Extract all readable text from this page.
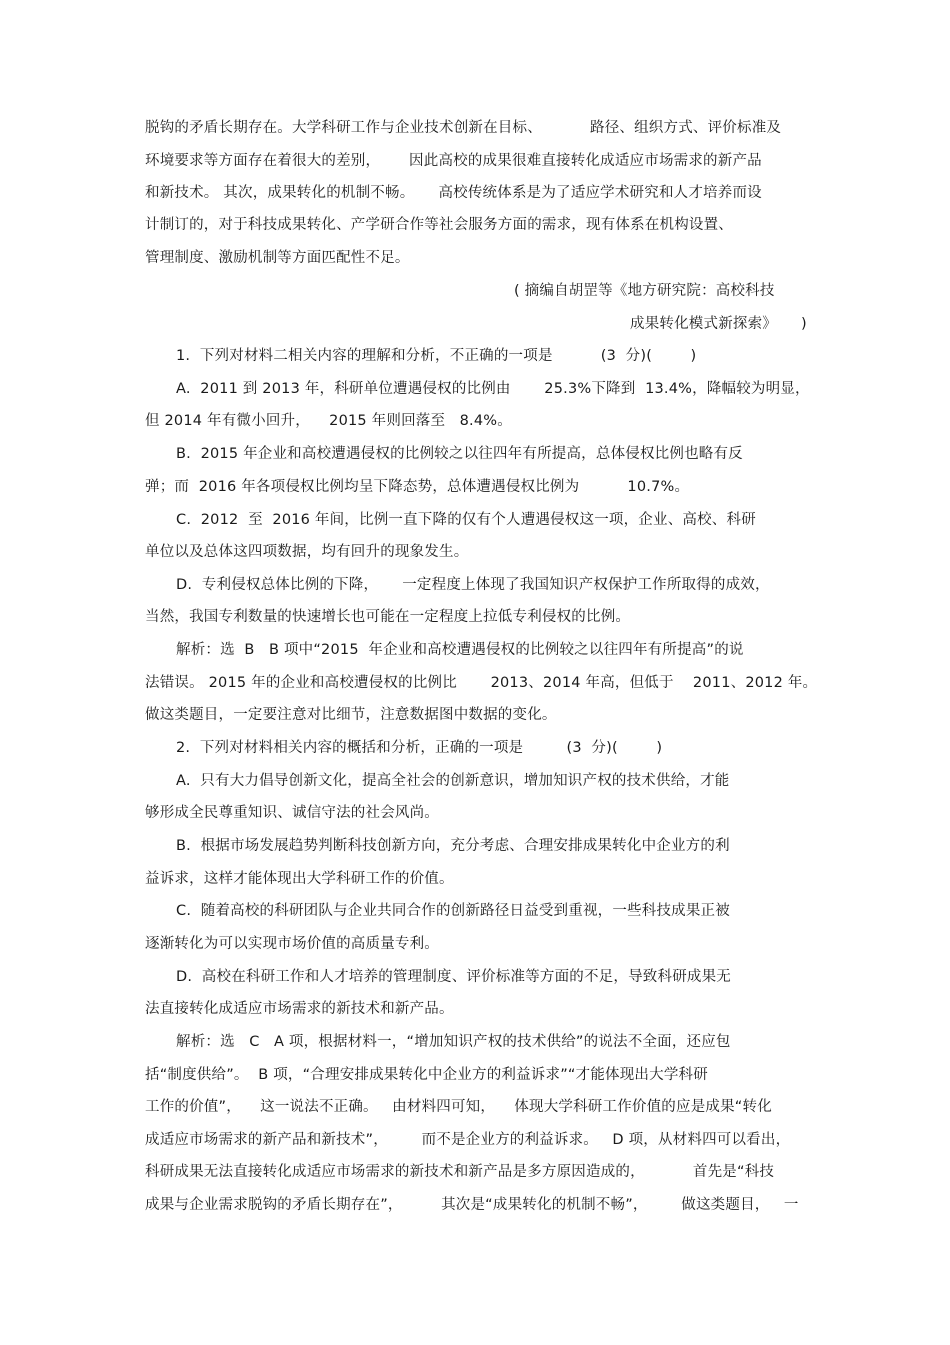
脱钩的矛盾长期存在。大学科研工作与企业技术创新在目标、          路径、组织方式、评价标准及
环境要求等方面存在着很大的差别，      因此高校的成果很难直接转化成适应市场需求的新产品
和新技术。 其次，成果转化的机制不畅。     高校传统体系是为了适应学术研究和人才培养而设
计制订的，对于科技成果转化、产学研合作等社会服务方面的需求，现有体系在机构设置、
管理制度、激励机制等方面匹配性不足。
( 摘编自胡罡等《地方研究院：高校科技
成果转化模式新探索》     )
1.  下列对材料二相关内容的理解和分析，不正确的一项是          (3  分)(        )
A.  2011 到 2013 年，科研单位遭遇侵权的比例由       25.3%下降到  13.4%，降幅较为明显，
但 2014 年有微小回升，    2015 年则回落至   8.4%。
B.  2015 年企业和高校遭遇侵权的比例较之以往四年有所提高，总体侵权比例也略有反
弹；而  2016 年各项侵权比例均呈下降态势，总体遭遇侵权比例为          10.7%。
C.  2012  至  2016 年间，比例一直下降的仅有个人遭遇侵权这一项，企业、高校、科研
单位以及总体这四项数据，均有回升的现象发生。
D.  专利侵权总体比例的下降，     一定程度上体现了我国知识产权保护工作所取得的成效，
当然，我国专利数量的快速增长也可能在一定程度上拉低专利侵权的比例。
解析：选  B   B 项中“2015  年企业和高校遭遇侵权的比例较之以往四年有所提高”的说
法错误。 2015 年的企业和高校遭侵权的比例比       2013、2014 年高，但低于    2011、2012 年。
做这类题目，一定要注意对比细节，注意数据图中数据的变化。
2.  下列对材料相关内容的概括和分析，正确的一项是         (3  分)(        )
A.  只有大力倡导创新文化，提高全社会的创新意识，增加知识产权的技术供给，才能
够形成全民尊重知识、诚信守法的社会风尚。
B.  根据市场发展趋势判断科技创新方向，充分考虑、合理安排成果转化中企业方的利
益诉求，这样才能体现出大学科研工作的价值。
C.  随着高校的科研团队与企业共同合作的创新路径日益受到重视，一些科技成果正被
逐渐转化为可以实现市场价值的高质量专利。
D.  高校在科研工作和人才培养的管理制度、评价标准等方面的不足，导致科研成果无
法直接转化成适应市场需求的新技术和新产品。
解析：选   C   A 项，根据材料一，“增加知识产权的技术供给”的说法不全面，还应包
括“制度供给”。  B 项，“合理安排成果转化中企业方的利益诉求”“才能体现出大学科研
工作的价值”，    这一说法不正确。   由材料四可知，    体现大学科研工作价值的应是成果“转化
成适应市场需求的新产品和新技术”，       而不是企业方的利益诉求。   D 项，从材料四可以看出，
科研成果无法直接转化成适应市场需求的新技术和新产品是多方原因造成的，          首先是“科技
成果与企业需求脱钩的矛盾长期存在”，        其次是“成果转化的机制不畅”，       做这类题目，   一
